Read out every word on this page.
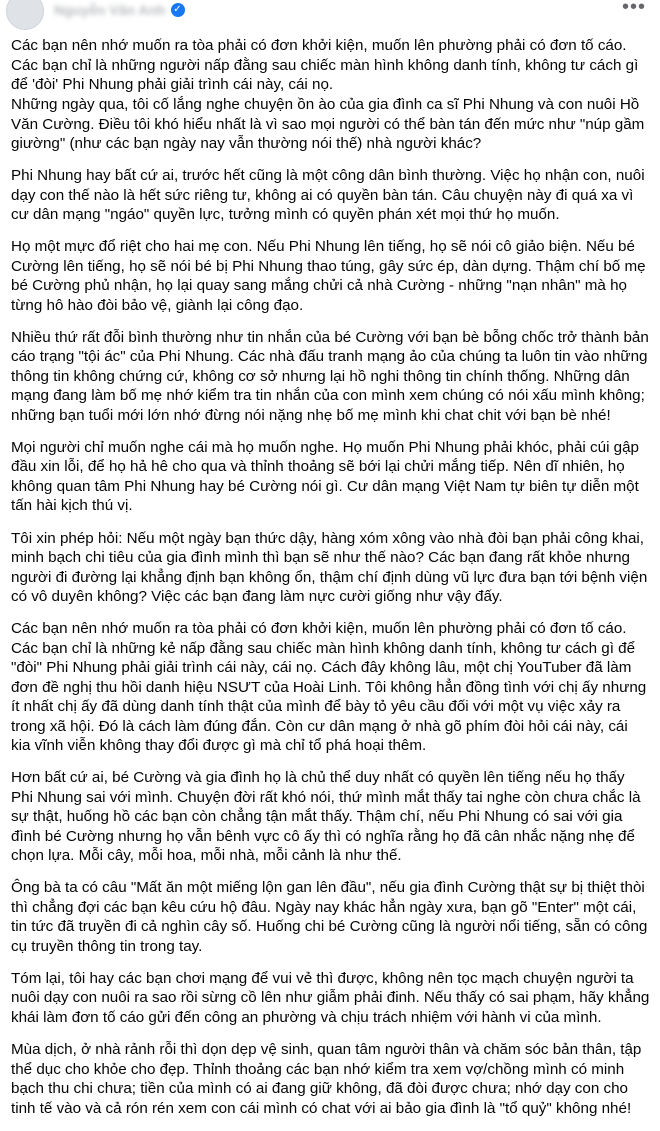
Nguyễn Văn Anh ✓	•••

Các bạn nên nhớ muốn ra tòa phải có đơn khởi kiện, muốn lên phường phải có đơn tố cáo. Các bạn chỉ là những người nấp đằng sau chiếc màn hình không danh tính, không tư cách gì để 'đòi' Phi Nhung phải giải trình cái này, cái nọ.

Những ngày qua, tôi cố lắng nghe chuyện ồn ào của gia đình ca sĩ Phi Nhung và con nuôi Hồ Văn Cường. Điều tôi khó hiểu nhất là vì sao mọi người có thể bàn tán đến mức như "núp gầm giường" (như các bạn ngày nay vẫn thường nói thế) nhà người khác?

Phi Nhung hay bất cứ ai, trước hết cũng là một công dân bình thường. Việc họ nhận con, nuôi dạy con thế nào là hết sức riêng tư, không ai có quyền bàn tán. Câu chuyện này đi quá xa vì cư dân mạng "ngáo" quyền lực, tưởng mình có quyền phán xét mọi thứ họ muốn.

Họ một mực đổ riệt cho hai mẹ con. Nếu Phi Nhung lên tiếng, họ sẽ nói cô giảo biện. Nếu bé Cường lên tiếng, họ sẽ nói bé bị Phi Nhung thao túng, gây sức ép, dàn dựng. Thậm chí bố mẹ bé Cường phủ nhận, họ lại quay sang mắng chửi cả nhà Cường - những "nạn nhân" mà họ từng hô hào đòi bảo vệ, giành lại công đạo.

Nhiều thứ rất đỗi bình thường như tin nhắn của bé Cường với bạn bè bỗng chốc trở thành bản cáo trạng "tội ác" của Phi Nhung. Các nhà đấu tranh mạng ảo của chúng ta luôn tin vào những thông tin không chứng cứ, không cơ sở nhưng lại hồ nghi thông tin chính thống. Những dân mạng đang làm bố mẹ nhớ kiểm tra tin nhắn của con mình xem chúng có nói xấu mình không; những bạn tuổi mới lớn nhớ đừng nói nặng nhẹ bố mẹ mình khi chat chit với bạn bè nhé!

Mọi người chỉ muốn nghe cái mà họ muốn nghe. Họ muốn Phi Nhung phải khóc, phải cúi gập đầu xin lỗi, để họ hả hê cho qua và thỉnh thoảng sẽ bới lại chửi mắng tiếp. Nên dĩ nhiên, họ không quan tâm Phi Nhung hay bé Cường nói gì. Cư dân mạng Việt Nam tự biên tự diễn một tấn hài kịch thú vị.

Tôi xin phép hỏi: Nếu một ngày bạn thức dậy, hàng xóm xông vào nhà đòi bạn phải công khai, minh bạch chi tiêu của gia đình mình thì bạn sẽ như thế nào? Các bạn đang rất khỏe nhưng người đi đường lại khẳng định bạn không ổn, thậm chí định dùng vũ lực đưa bạn tới bệnh viện có vô duyên không? Việc các bạn đang làm nực cười giống như vậy đấy.

Các bạn nên nhớ muốn ra tòa phải có đơn khởi kiện, muốn lên phường phải có đơn tố cáo. Các bạn chỉ là những kẻ nấp đằng sau chiếc màn hình không danh tính, không tư cách gì để "đòi" Phi Nhung phải giải trình cái này, cái nọ. Cách đây không lâu, một chị YouTuber đã làm đơn đề nghị thu hồi danh hiệu NSƯT của Hoài Linh. Tôi không hẳn đồng tình với chị ấy nhưng ít nhất chị ấy đã dùng danh tính thật của mình để bày tỏ yêu cầu đối với một vụ việc xảy ra trong xã hội. Đó là cách làm đúng đắn. Còn cư dân mạng ở nhà gõ phím đòi hỏi cái này, cái kia vĩnh viễn không thay đổi được gì mà chỉ tổ phá hoại thêm.

Hơn bất cứ ai, bé Cường và gia đình họ là chủ thể duy nhất có quyền lên tiếng nếu họ thấy Phi Nhung sai với mình. Chuyện đời rất khó nói, thứ mình mắt thấy tai nghe còn chưa chắc là sự thật, huống hồ các bạn còn chẳng tận mắt thấy. Thậm chí, nếu Phi Nhung có sai với gia đình bé Cường nhưng họ vẫn bênh vực cô ấy thì có nghĩa rằng họ đã cân nhắc nặng nhẹ để chọn lựa. Mỗi cây, mỗi hoa, mỗi nhà, mỗi cảnh là như thế.

Ông bà ta có câu "Mất ăn một miếng lộn gan lên đầu", nếu gia đình Cường thật sự bị thiệt thòi thì chẳng đợi các bạn kêu cứu hộ đâu. Ngày nay khác hẳn ngày xưa, bạn gõ "Enter" một cái, tin tức đã truyền đi cả nghìn cây số. Huống chi bé Cường cũng là người nổi tiếng, sẵn có công cụ truyền thông tin trong tay.

Tóm lại, tôi hay các bạn chơi mạng để vui vẻ thì được, không nên tọc mạch chuyện người ta nuôi dạy con nuôi ra sao rồi sừng cồ lên như giẫm phải đinh. Nếu thấy có sai phạm, hãy khẳng khái làm đơn tố cáo gửi đến công an phường và chịu trách nhiệm với hành vi của mình.

Mùa dịch, ở nhà rảnh rỗi thì dọn dẹp vệ sinh, quan tâm người thân và chăm sóc bản thân, tập thể dục cho khỏe cho đẹp. Thỉnh thoảng các bạn nhớ kiểm tra xem vợ/chồng mình có minh bạch thu chi chưa; tiền của mình có ai đang giữ không, đã đòi được chưa; nhớ dạy con cho tinh tế vào và cả rón rén xem con cái mình có chat với ai bảo gia đình là "tổ quỷ" không nhé!
